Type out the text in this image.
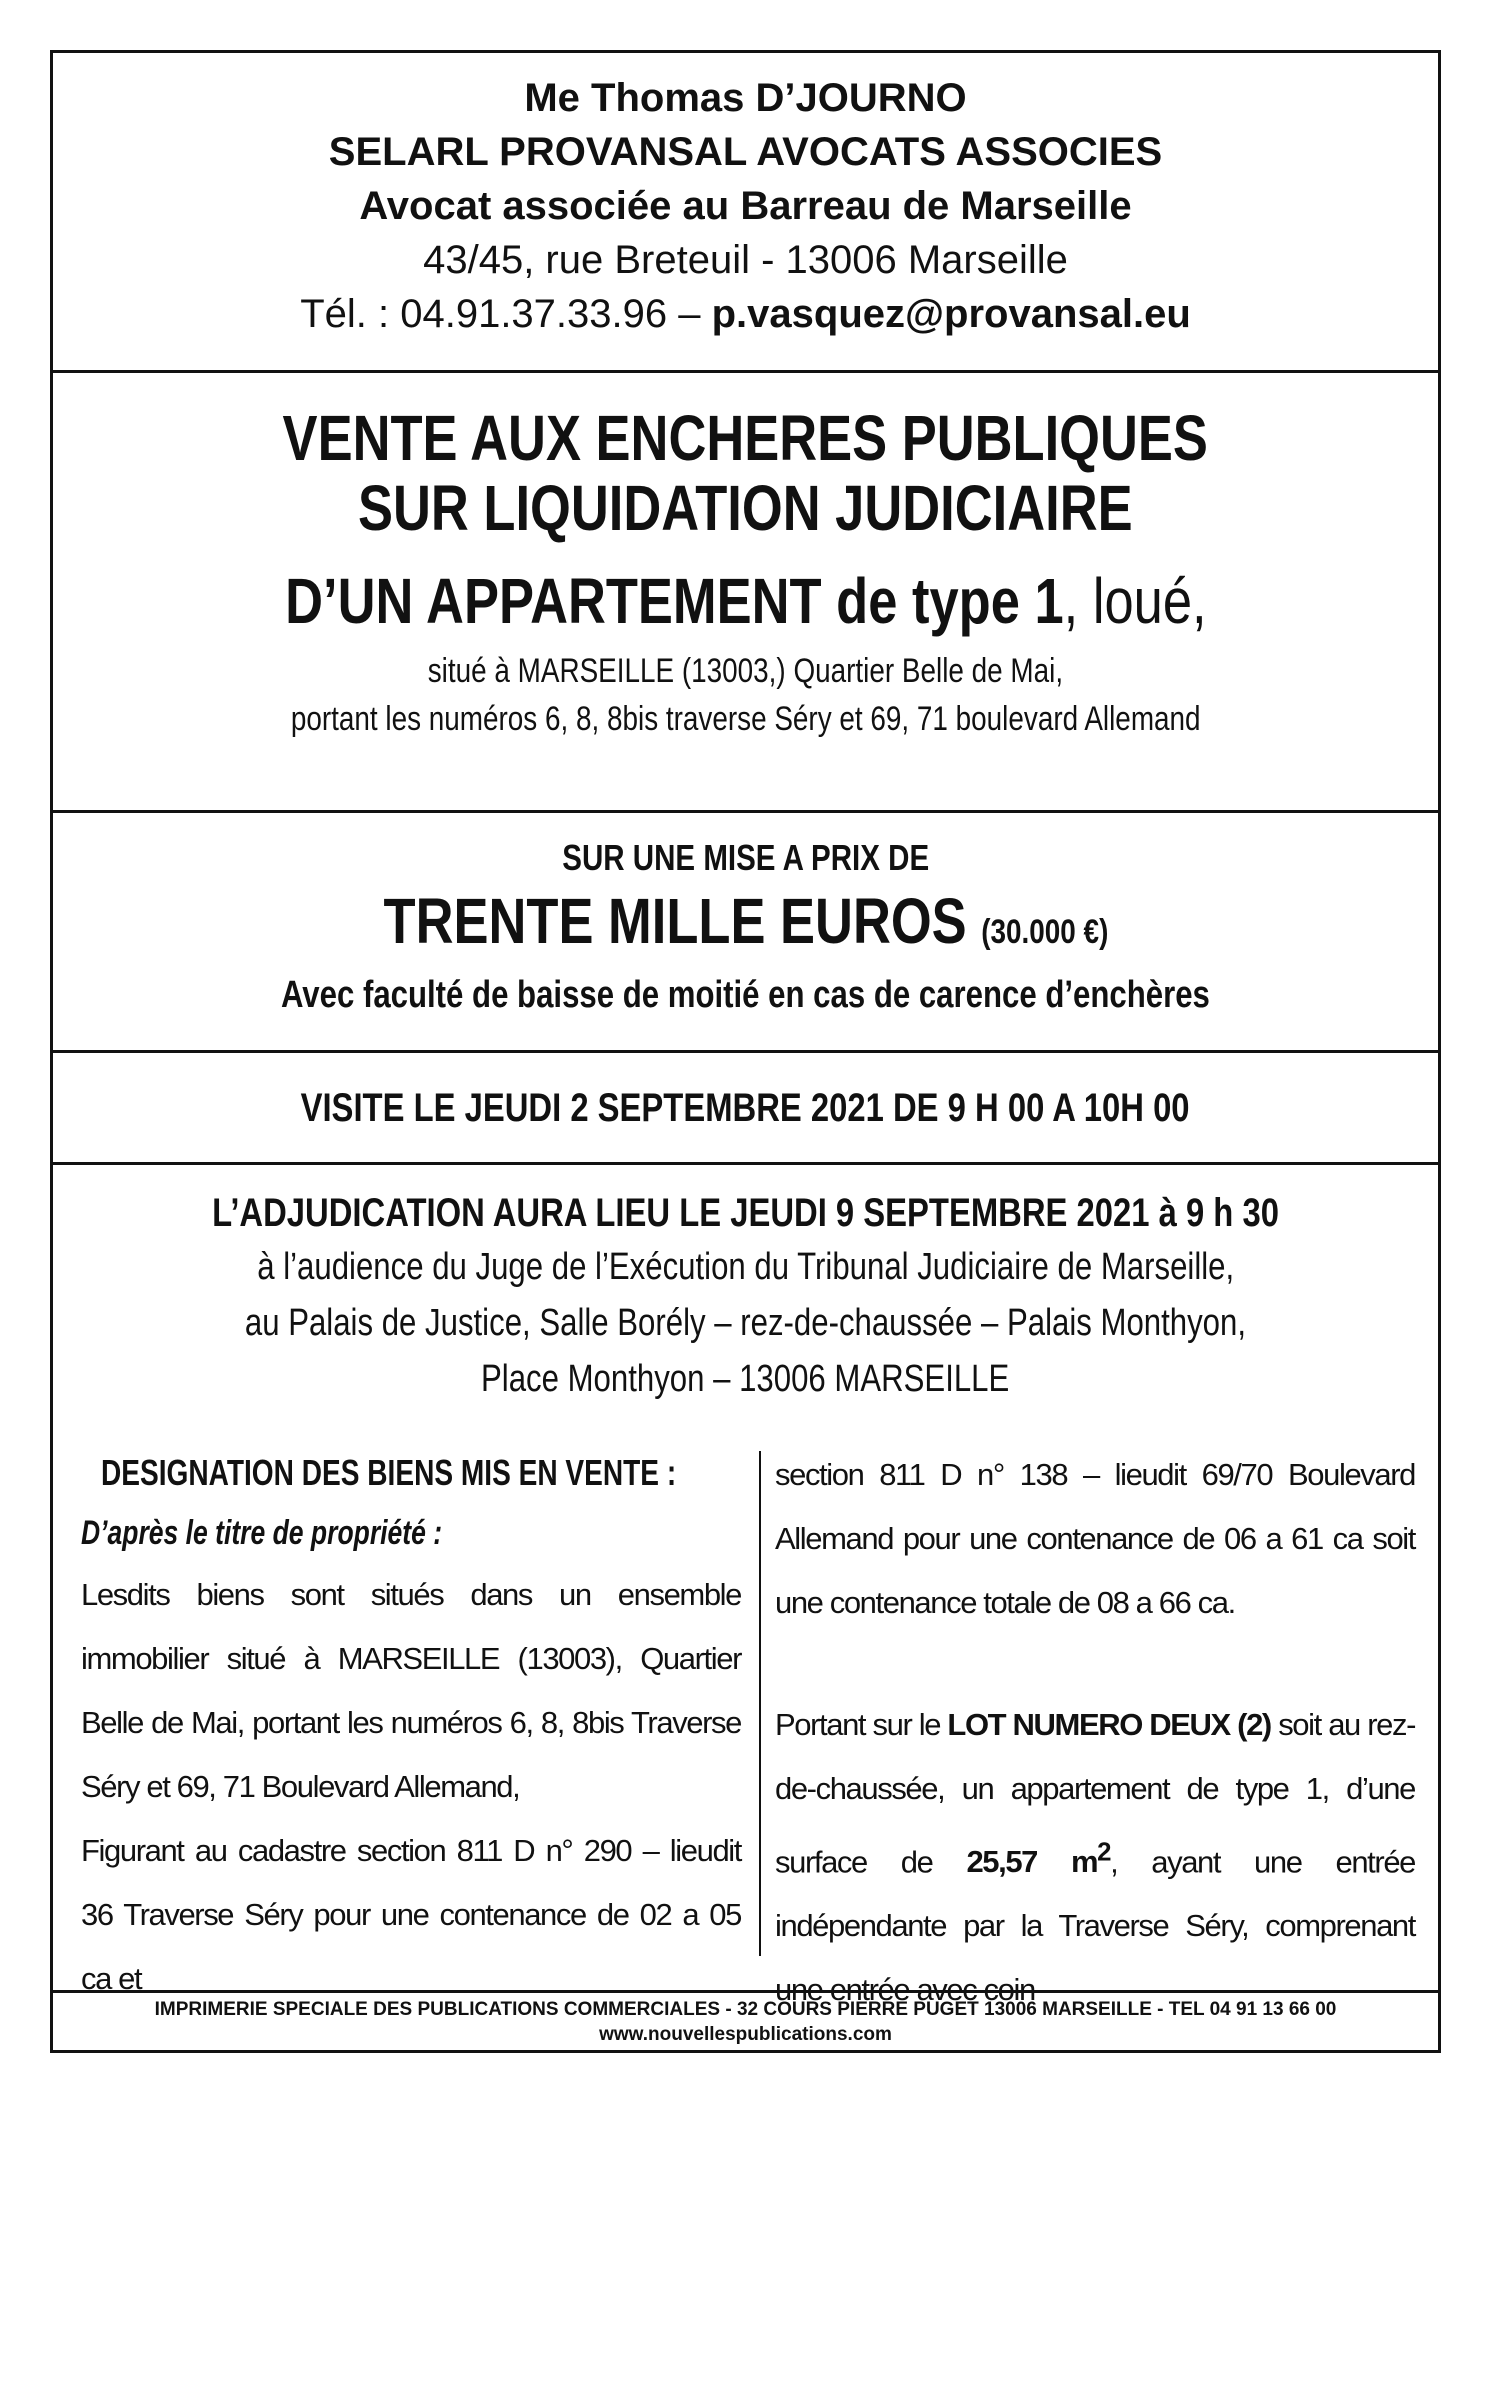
Me Thomas D’JOURNO
SELARL PROVANSAL AVOCATS ASSOCIES
Avocat associée au Barreau de Marseille
43/45, rue Breteuil - 13006 Marseille
Tél. : 04.91.37.33.96 – p.vasquez@provansal.eu
VENTE AUX ENCHERES PUBLIQUES
SUR LIQUIDATION JUDICIAIRE
D’UN APPARTEMENT de type 1, loué,
situé à MARSEILLE (13003,) Quartier Belle de Mai,
portant les numéros 6, 8, 8bis traverse Séry et 69, 71 boulevard Allemand
SUR UNE MISE A PRIX DE
TRENTE MILLE EUROS (30.000 €)
Avec faculté de baisse de moitié en cas de carence d’enchères
VISITE LE JEUDI 2 SEPTEMBRE 2021 DE 9 H 00 A 10H 00
L’ADJUDICATION AURA LIEU LE JEUDI 9 SEPTEMBRE 2021 à 9 h 30
à l’audience du Juge de l’Exécution du Tribunal Judiciaire de Marseille,
au Palais de Justice, Salle Borély – rez-de-chaussée – Palais Monthyon,
Place Monthyon – 13006 MARSEILLE

DESIGNATION DES BIENS MIS EN VENTE :

D’après le titre de propriété :

Lesdits biens sont situés dans un ensemble immobilier situé à MARSEILLE (13003), Quartier Belle de Mai, portant les numéros 6, 8, 8bis Traverse Séry et 69, 71 Boulevard Allemand,

Figurant au cadastre section 811 D n° 290 – lieudit 36 Traverse Séry pour une contenance de 02 a 05 ca et

section 811 D n° 138 – lieudit 69/70 Boulevard Allemand pour une contenance de 06 a 61 ca soit une contenance totale de 08 a 66 ca.

Portant sur le LOT NUMERO DEUX (2) soit au rez-de-chaussée, un appartement de type 1, d’une surface de 25,57 $m^2$, ayant une entrée indépendante par la Traverse Séry, comprenant une entrée avec coin

IMPRIMERIE SPECIALE DES PUBLICATIONS COMMERCIALES - 32 COURS PIERRE PUGET 13006 MARSEILLE - TEL 04 91 13 66 00
www.nouvellespublications.com
